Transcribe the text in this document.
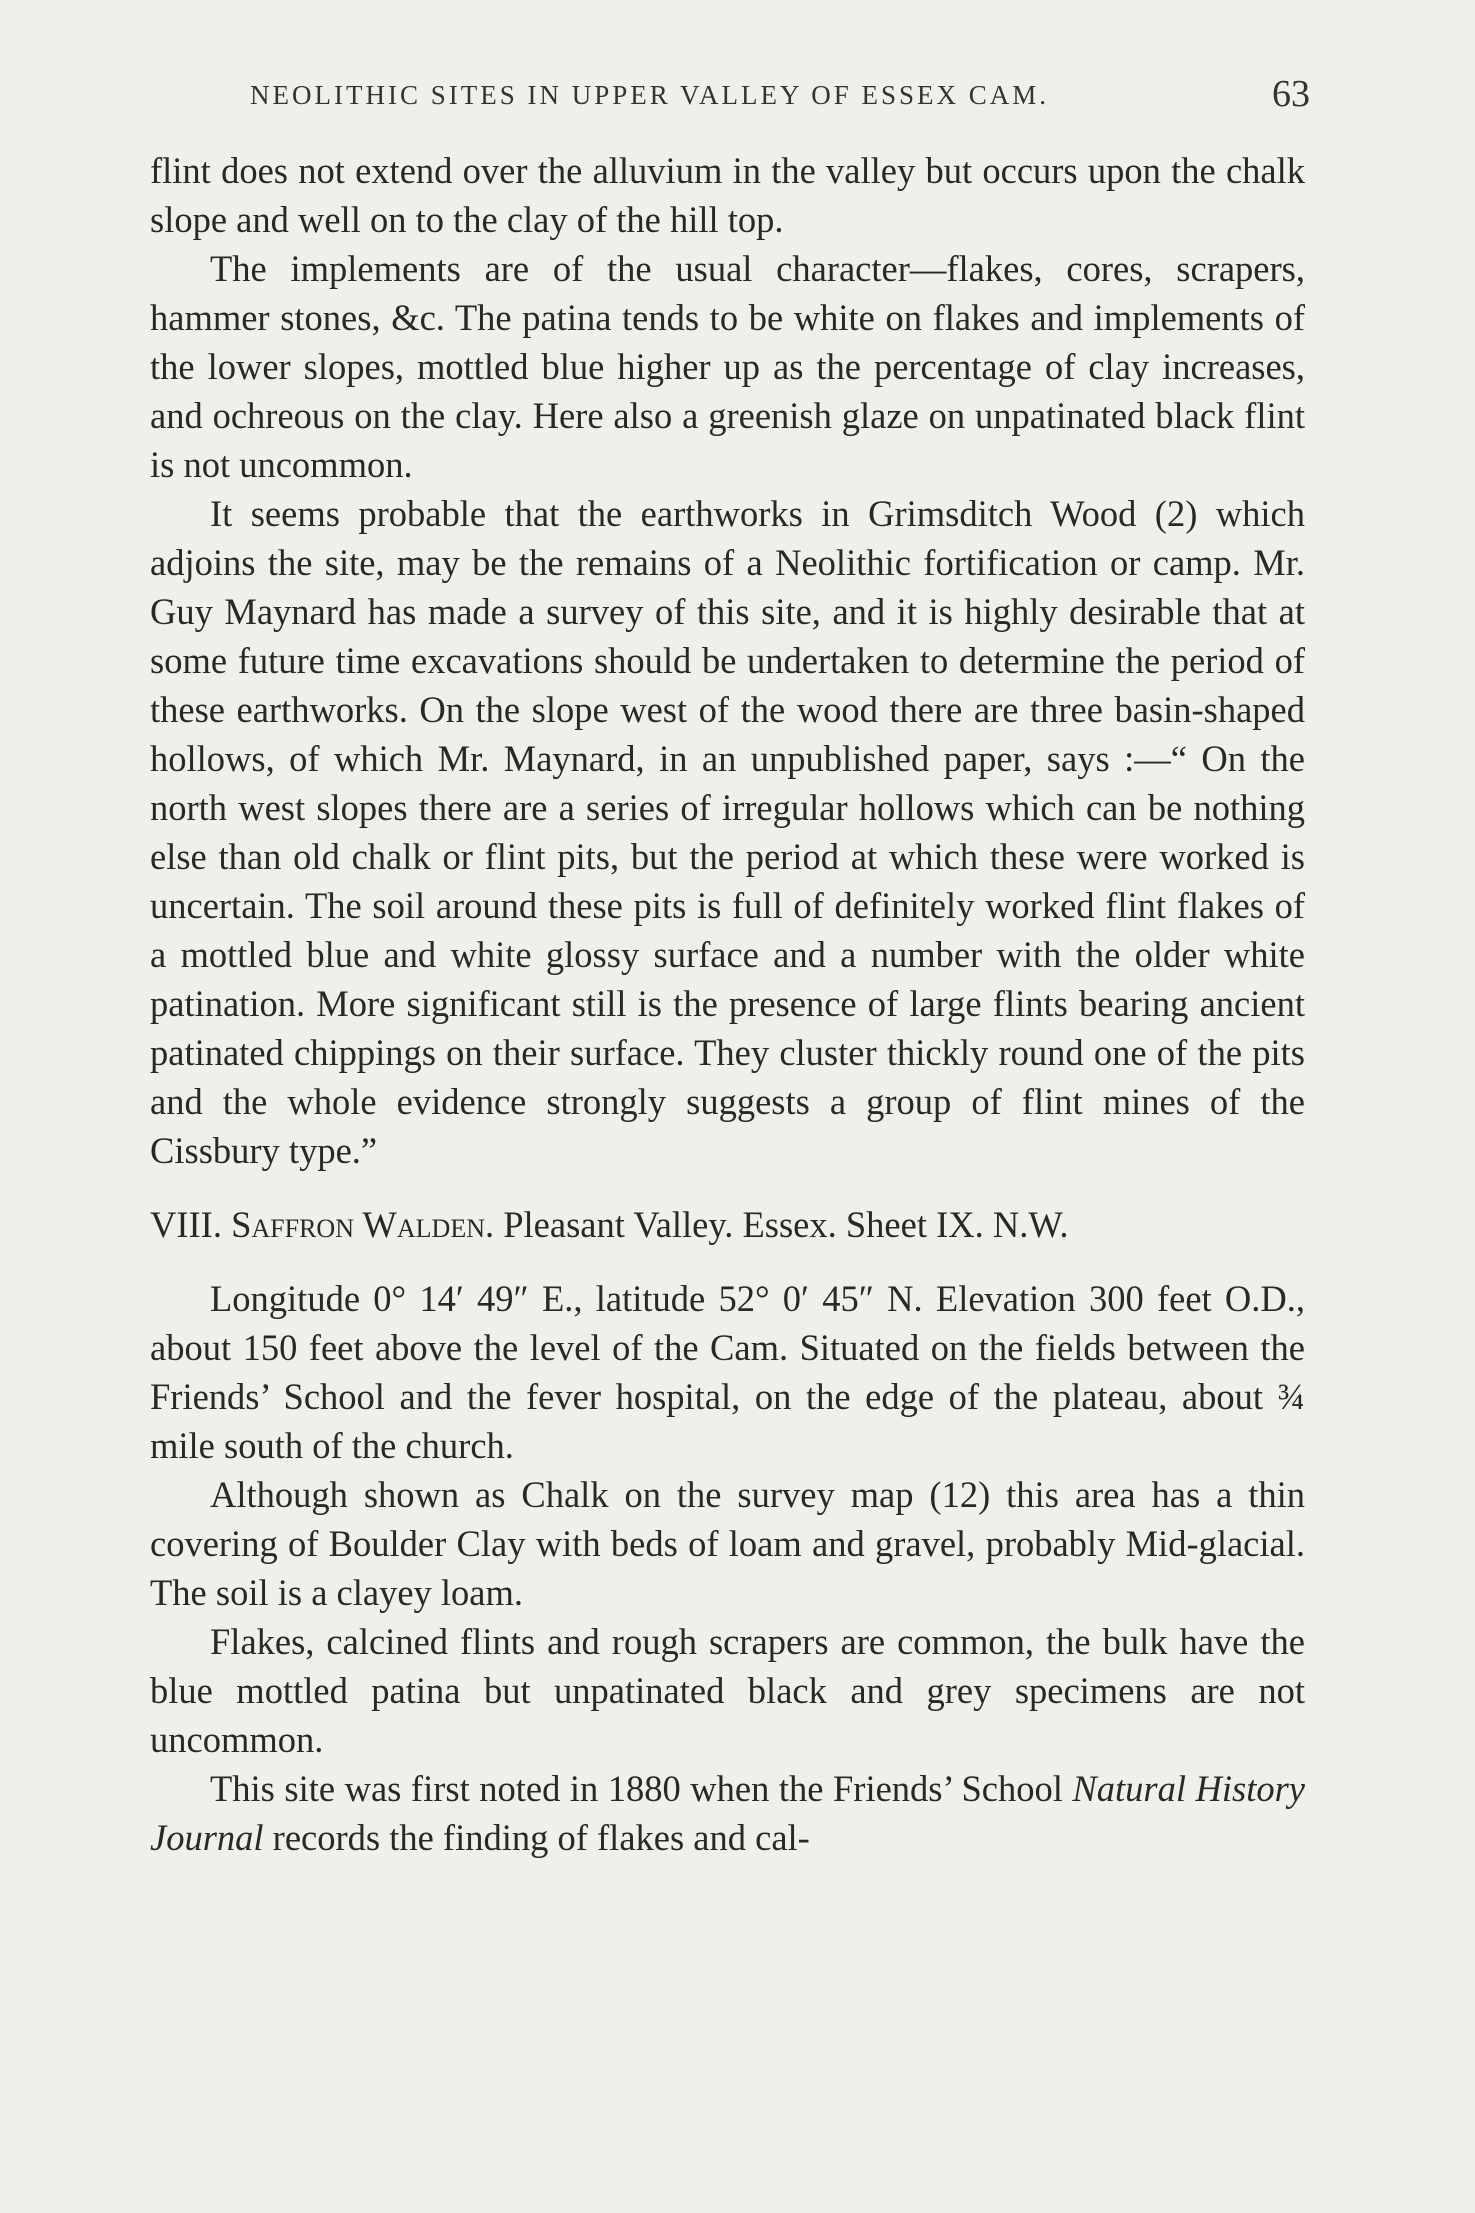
NEOLITHIC SITES IN UPPER VALLEY OF ESSEX CAM.	63

flint does not extend over the alluvium in the valley but occurs upon the chalk slope and well on to the clay of the hill top.

The implements are of the usual character—flakes, cores, scrapers, hammer stones, &c. The patina tends to be white on flakes and implements of the lower slopes, mottled blue higher up as the percentage of clay increases, and ochreous on the clay. Here also a greenish glaze on unpatinated black flint is not uncommon.

It seems probable that the earthworks in Grimsditch Wood (2) which adjoins the site, may be the remains of a Neolithic fortification or camp. Mr. Guy Maynard has made a survey of this site, and it is highly desirable that at some future time excavations should be undertaken to determine the period of these earthworks. On the slope west of the wood there are three basin-shaped hollows, of which Mr. Maynard, in an unpublished paper, says :—“ On the north west slopes there are a series of irregular hollows which can be nothing else than old chalk or flint pits, but the period at which these were worked is uncertain. The soil around these pits is full of definitely worked flint flakes of a mottled blue and white glossy surface and a number with the older white patination. More significant still is the presence of large flints bearing ancient patinated chippings on their surface. They cluster thickly round one of the pits and the whole evidence strongly suggests a group of flint mines of the Cissbury type.”

VIII. Saffron Walden. Pleasant Valley. Essex. Sheet IX. N.W.

Longitude 0° 14′ 49″ E., latitude 52° 0′ 45″ N. Elevation 300 feet O.D., about 150 feet above the level of the Cam. Situated on the fields between the Friends’ School and the fever hospital, on the edge of the plateau, about ¾ mile south of the church.

Although shown as Chalk on the survey map (12) this area has a thin covering of Boulder Clay with beds of loam and gravel, probably Mid-glacial. The soil is a clayey loam.

Flakes, calcined flints and rough scrapers are common, the bulk have the blue mottled patina but unpatinated black and grey specimens are not uncommon.

This site was first noted in 1880 when the Friends’ School Natural History Journal records the finding of flakes and cal-
